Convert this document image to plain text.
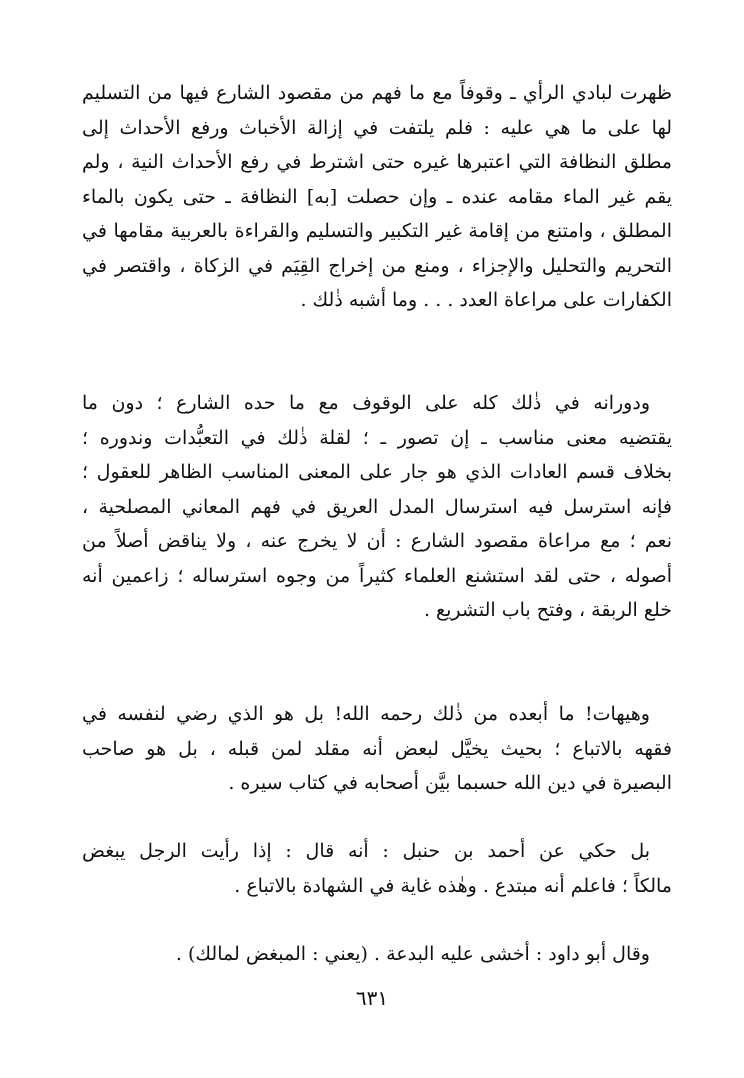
ظهرت لبادي الرأي ـ وقوفاً مع ما فهم من مقصود الشارع فيها من التسليم
لها على ما هي عليه : فلم يلتفت في إزالة الأخباث ورفع الأحداث إلى
مطلق النظافة التي اعتبرها غيره حتى اشترط في رفع الأحداث النية ، ولم
يقم غير الماء مقامه عنده ـ وإن حصلت [به] النظافة ـ حتى يكون بالماء
المطلق ، وامتنع من إقامة غير التكبير والتسليم والقراءة بالعربية مقامها في
التحريم والتحليل والإجزاء ، ومنع من إخراج القِيَم في الزكاة ، واقتصر في
الكفارات على مراعاة العدد . . . وما أشبه ذٰلك .
ودورانه في ذٰلك كله على الوقوف مع ما حده الشارع ؛ دون ما
يقتضيه معنى مناسب ـ إن تصور ـ ؛ لقلة ذٰلك في التعبُّدات وندوره ؛
بخلاف قسم العادات الذي هو جار على المعنى المناسب الظاهر للعقول ؛
فإنه استرسل فيه استرسال المدل العريق في فهم المعاني المصلحية ،
نعم ؛ مع مراعاة مقصود الشارع : أن لا يخرج عنه ، ولا يناقض أصلاً من
أصوله ، حتى لقد استشنع العلماء كثيراً من وجوه استرساله ؛ زاعمين أنه
خلع الربقة ، وفتح باب التشريع .
وهيهات! ما أبعده من ذٰلك رحمه الله! بل هو الذي رضي لنفسه في
فقهه بالاتباع ؛ بحيث يخيَّل لبعض أنه مقلد لمن قبله ، بل هو صاحب
البصيرة في دين الله حسبما بيَّن أصحابه في كتاب سيره .
بل حكي عن أحمد بن حنبل : أنه قال : إذا رأيت الرجل يبغض
مالكاً ؛ فاعلم أنه مبتدع . وهٰذه غاية في الشهادة بالاتباع .
وقال أبو داود : أخشى عليه البدعة . (يعني : المبغض لمالك) .
٦٣١
